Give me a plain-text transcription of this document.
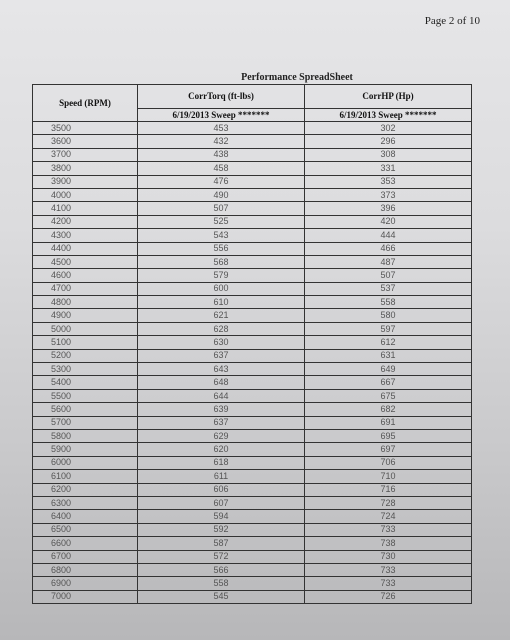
Page 2 of 10
Performance SpreadSheet
Speed (RPM)	CorrTorq (ft-lbs)	CorrHP (Hp)
	6/19/2013 Sweep *******	6/19/2013 Sweep *******
3500	453	302
3600	432	296
3700	438	308
3800	458	331
3900	476	353
4000	490	373
4100	507	396
4200	525	420
4300	543	444
4400	556	466
4500	568	487
4600	579	507
4700	600	537
4800	610	558
4900	621	580
5000	628	597
5100	630	612
5200	637	631
5300	643	649
5400	648	667
5500	644	675
5600	639	682
5700	637	691
5800	629	695
5900	620	697
6000	618	706
6100	611	710
6200	606	716
6300	607	728
6400	594	724
6500	592	733
6600	587	738
6700	572	730
6800	566	733
6900	558	733
7000	545	726
